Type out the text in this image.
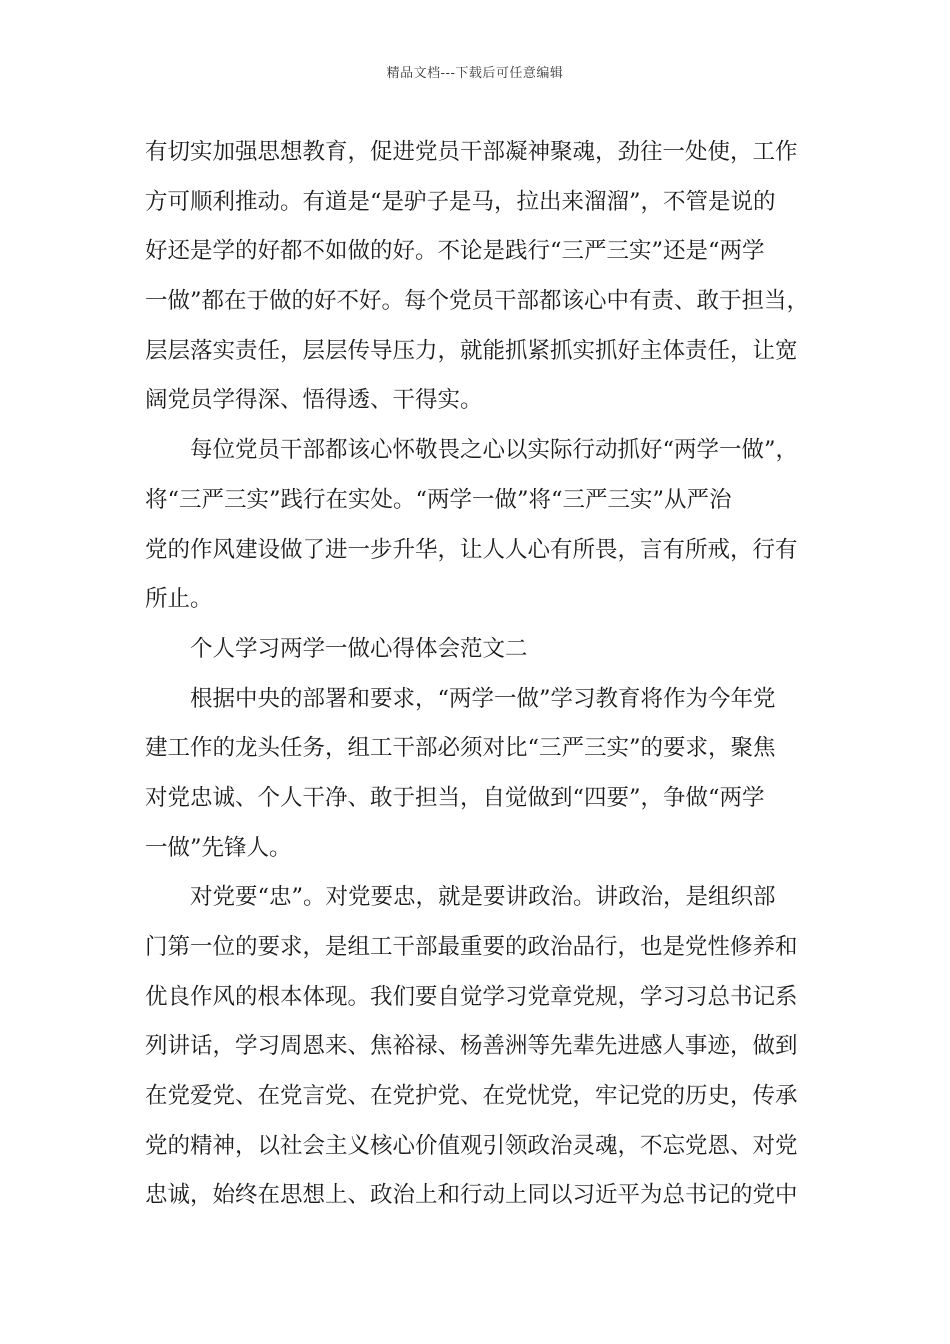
精品文档---下载后可任意编辑
有切实加强思想教育，促进党员干部凝神聚魂，劲往一处使，工作
方可顺利推动。有道是“是驴子是马，拉出来溜溜”，不管是说的
好还是学的好都不如做的好。不论是践行“三严三实”还是“两学
一做”都在于做的好不好。每个党员干部都该心中有责、敢于担当，
层层落实责任，层层传导压力，就能抓紧抓实抓好主体责任，让宽
阔党员学得深、悟得透、干得实。
每位党员干部都该心怀敬畏之心以实际行动抓好“两学一做”，
将“三严三实”践行在实处。“两学一做”将“三严三实”从严治
党的作风建设做了进一步升华，让人人心有所畏，言有所戒，行有
所止。
个人学习两学一做心得体会范文二
根据中央的部署和要求，“两学一做”学习教育将作为今年党
建工作的龙头任务，组工干部必须对比“三严三实”的要求，聚焦
对党忠诚、个人干净、敢于担当，自觉做到“四要”，争做“两学
一做”先锋人。
对党要“忠”。对党要忠，就是要讲政治。讲政治，是组织部
门第一位的要求，是组工干部最重要的政治品行，也是党性修养和
优良作风的根本体现。我们要自觉学习党章党规，学习习总书记系
列讲话，学习周恩来、焦裕禄、杨善洲等先辈先进感人事迹，做到
在党爱党、在党言党、在党护党、在党忧党，牢记党的历史，传承
党的精神，以社会主义核心价值观引领政治灵魂，不忘党恩、对党
忠诚，始终在思想上、政治上和行动上同以习近平为总书记的党中
